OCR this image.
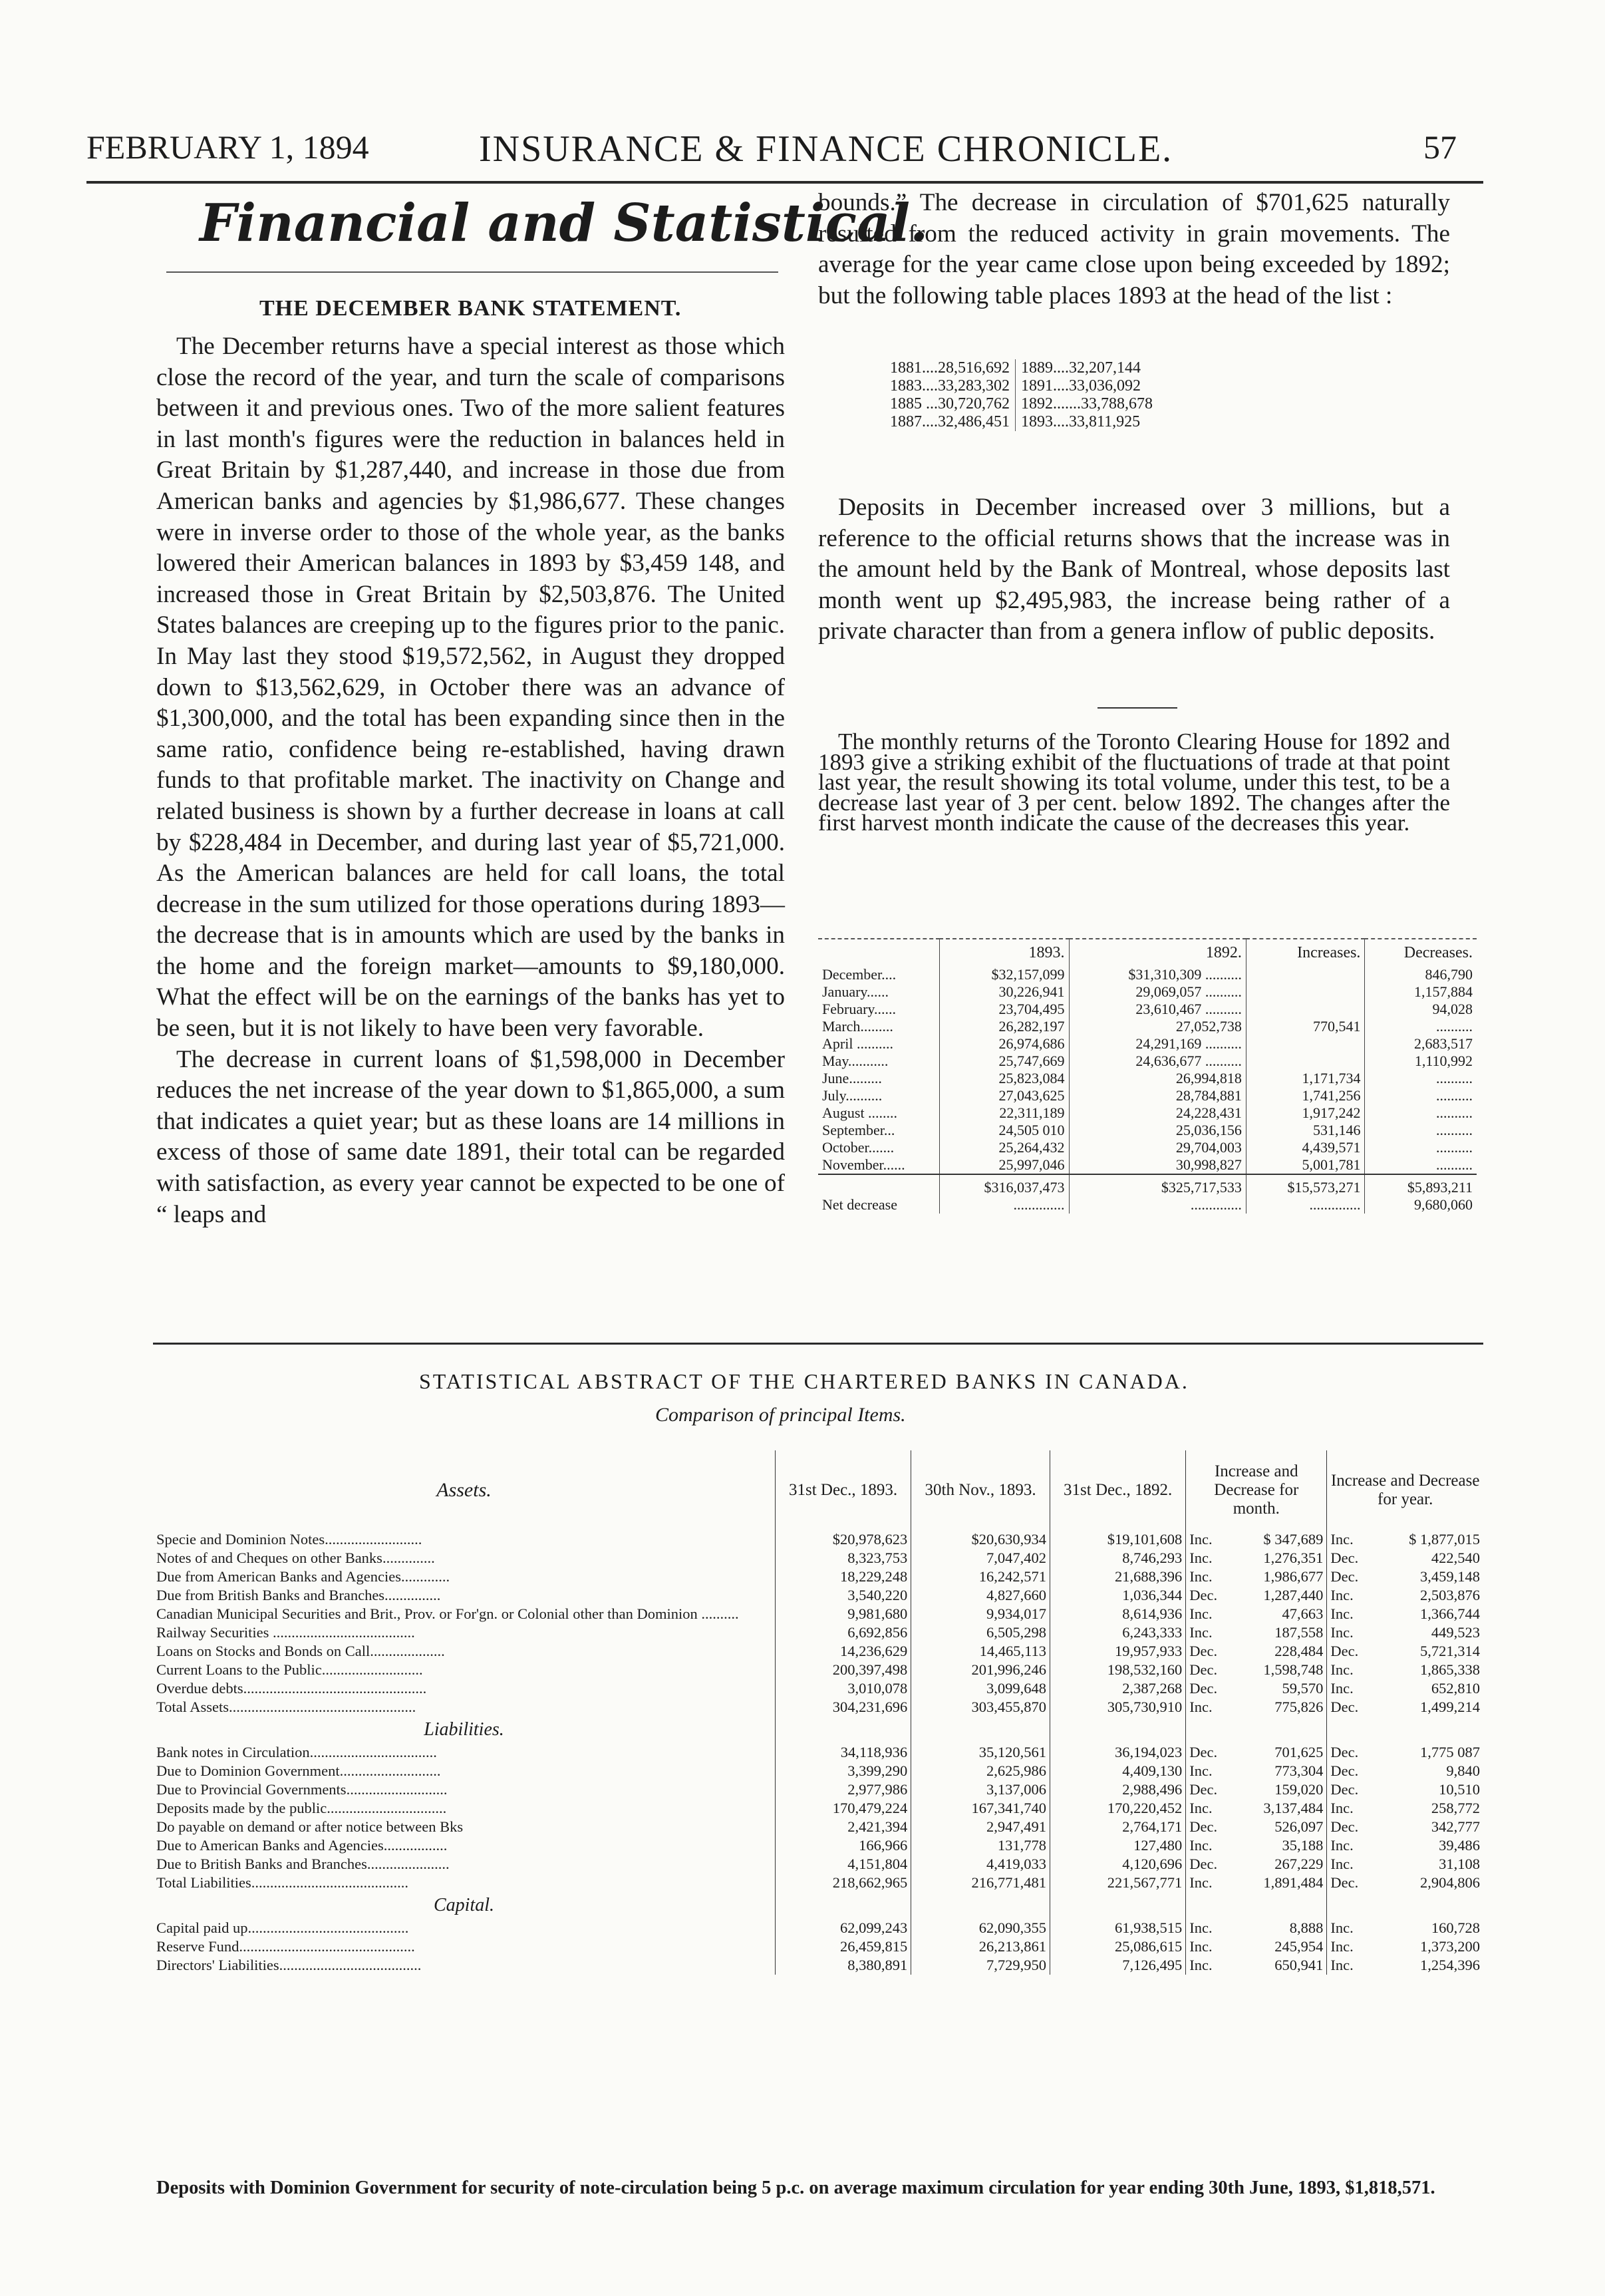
FEBRUARY 1, 1894	INSURANCE & FINANCE CHRONICLE.	57
Financial and Statistical.
THE DECEMBER BANK STATEMENT.

The December returns have a special interest as those which close the record of the year, and turn the scale of comparisons between it and previous ones. Two of the more salient features in last month's figures were the reduction in balances held in Great Britain by $1,287,440, and increase in those due from American banks and agencies by $1,986,677. These changes were in inverse order to those of the whole year, as the banks lowered their American balances in 1893 by $3,459 148, and increased those in Great Britain by $2,503,876. The United States balances are creeping up to the figures prior to the panic. In May last they stood $19,572,562, in August they dropped down to $13,562,629, in October there was an advance of $1,300,000, and the total has been expanding since then in the same ratio, confidence being re-established, having drawn funds to that profitable market. The inactivity on Change and related business is shown by a further decrease in loans at call by $228,484 in December, and during last year of $5,721,000. As the American balances are held for call loans, the total decrease in the sum utilized for those operations during 1893—the decrease that is in amounts which are used by the banks in the home and the foreign market—amounts to $9,180,000. What the effect will be on the earnings of the banks has yet to be seen, but it is not likely to have been very favorable.

The decrease in current loans of $1,598,000 in December reduces the net increase of the year down to $1,865,000, a sum that indicates a quiet year; but as these loans are 14 millions in excess of those of same date 1891, their total can be regarded with satisfaction, as every year cannot be expected to be one of “ leaps and

bounds.” The decrease in circulation of $701,625 naturally resulted from the reduced activity in grain movements. The average for the year came close upon being exceeded by 1892; but the following table places 1893 at the head of the list :

1881....28,516,692	1889....32,207,144
1883....33,283,302	1891....33,036,092
1885 ...30,720,762	1892.......33,788,678
1887....32,486,451	1893....33,811,925

Deposits in December increased over 3 millions, but a reference to the official returns shows that the increase was in the amount held by the Bank of Montreal, whose deposits last month went up $2,495,983, the increase being rather of a private character than from a genera inflow of public deposits.

The monthly returns of the Toronto Clearing House for 1892 and 1893 give a striking exhibit of the fluctuations of trade at that point last year, the result showing its total volume, under this test, to be a decrease last year of 3 per cent. below 1892. The changes after the first harvest month indicate the cause of the decreases this year.

	1893.	1892.	Increases.	Decreases.
December....	$32,157,099	$31,310,309 ..........		846,790
January......	30,226,941	29,069,057 ..........		1,157,884
February......	23,704,495	23,610,467 ..........		94,028
March.........	26,282,197	27,052,738	770,541	..........
April ..........	26,974,686	24,291,169 ..........		2,683,517
May...........	25,747,669	24,636,677 ..........		1,110,992
June.........	25,823,084	26,994,818	1,171,734	..........
July..........	27,043,625	28,784,881	1,741,256	..........
August ........	22,311,189	24,228,431	1,917,242	..........
September...	24,505 010	25,036,156	531,146	..........
October.......	25,264,432	29,704,003	4,439,571	..........
November......	25,997,046	30,998,827	5,001,781	..........
	$316,037,473	$325,717,533	$15,573,271	$5,893,211
Net decrease	..............	..............	..............	9,680,060
STATISTICAL ABSTRACT OF THE CHARTERED BANKS IN CANADA.
Comparison of principal Items.
Assets.	31st Dec., 1893.	30th Nov., 1893.	31st Dec., 1892.	Increase and Decrease for month.		Increase and Decrease for year.	
Specie and Dominion Notes..........................	$20,978,623	$20,630,934	$19,101,608	Inc.	$ 347,689	Inc.	$ 1,877,015
Notes of and Cheques on other Banks..............	8,323,753	7,047,402	8,746,293	Inc.	1,276,351	Dec.	422,540
Due from American Banks and Agencies.............	18,229,248	16,242,571	21,688,396	Inc.	1,986,677	Dec.	3,459,148
Due from British Banks and Branches...............	3,540,220	4,827,660	1,036,344	Dec.	1,287,440	Inc.	2,503,876
Canadian Municipal Securities and Brit., Prov. or For'gn. or Colonial other than Dominion ..........	9,981,680	9,934,017	8,614,936	Inc.	47,663	Inc.	1,366,744
Railway Securities ......................................	6,692,856	6,505,298	6,243,333	Inc.	187,558	Inc.	449,523
Loans on Stocks and Bonds on Call....................	14,236,629	14,465,113	19,957,933	Dec.	228,484	Dec.	5,721,314
Current Loans to the Public...........................	200,397,498	201,996,246	198,532,160	Dec.	1,598,748	Inc.	1,865,338
Overdue debts.................................................	3,010,078	3,099,648	2,387,268	Dec.	59,570	Inc.	652,810
Total Assets..................................................	304,231,696	303,455,870	305,730,910	Inc.	775,826	Dec.	1,499,214
Liabilities.							
Bank notes in Circulation..................................	34,118,936	35,120,561	36,194,023	Dec.	701,625	Dec.	1,775 087
Due to Dominion Government...........................	3,399,290	2,625,986	4,409,130	Inc.	773,304	Dec.	9,840
Due to Provincial Governments...........................	2,977,986	3,137,006	2,988,496	Dec.	159,020	Dec.	10,510
Deposits made by the public................................	170,479,224	167,341,740	170,220,452	Inc.	3,137,484	Inc.	258,772
Do payable on demand or after notice between Bks	2,421,394	2,947,491	2,764,171	Dec.	526,097	Dec.	342,777
Due to American Banks and Agencies.................	166,966	131,778	127,480	Inc.	35,188	Inc.	39,486
Due to British Banks and Branches......................	4,151,804	4,419,033	4,120,696	Dec.	267,229	Inc.	31,108
Total Liabilities..........................................	218,662,965	216,771,481	221,567,771	Inc.	1,891,484	Dec.	2,904,806
Capital.							
Capital paid up...........................................	62,099,243	62,090,355	61,938,515	Inc.	8,888	Inc.	160,728
Reserve Fund...............................................	26,459,815	26,213,861	25,086,615	Inc.	245,954	Inc.	1,373,200
Directors' Liabilities......................................	8,380,891	7,729,950	7,126,495	Inc.	650,941	Inc.	1,254,396
Deposits with Dominion Government for security of note-circulation being 5 p.c. on average maximum circulation for year ending 30th June, 1893, $1,818,571.
